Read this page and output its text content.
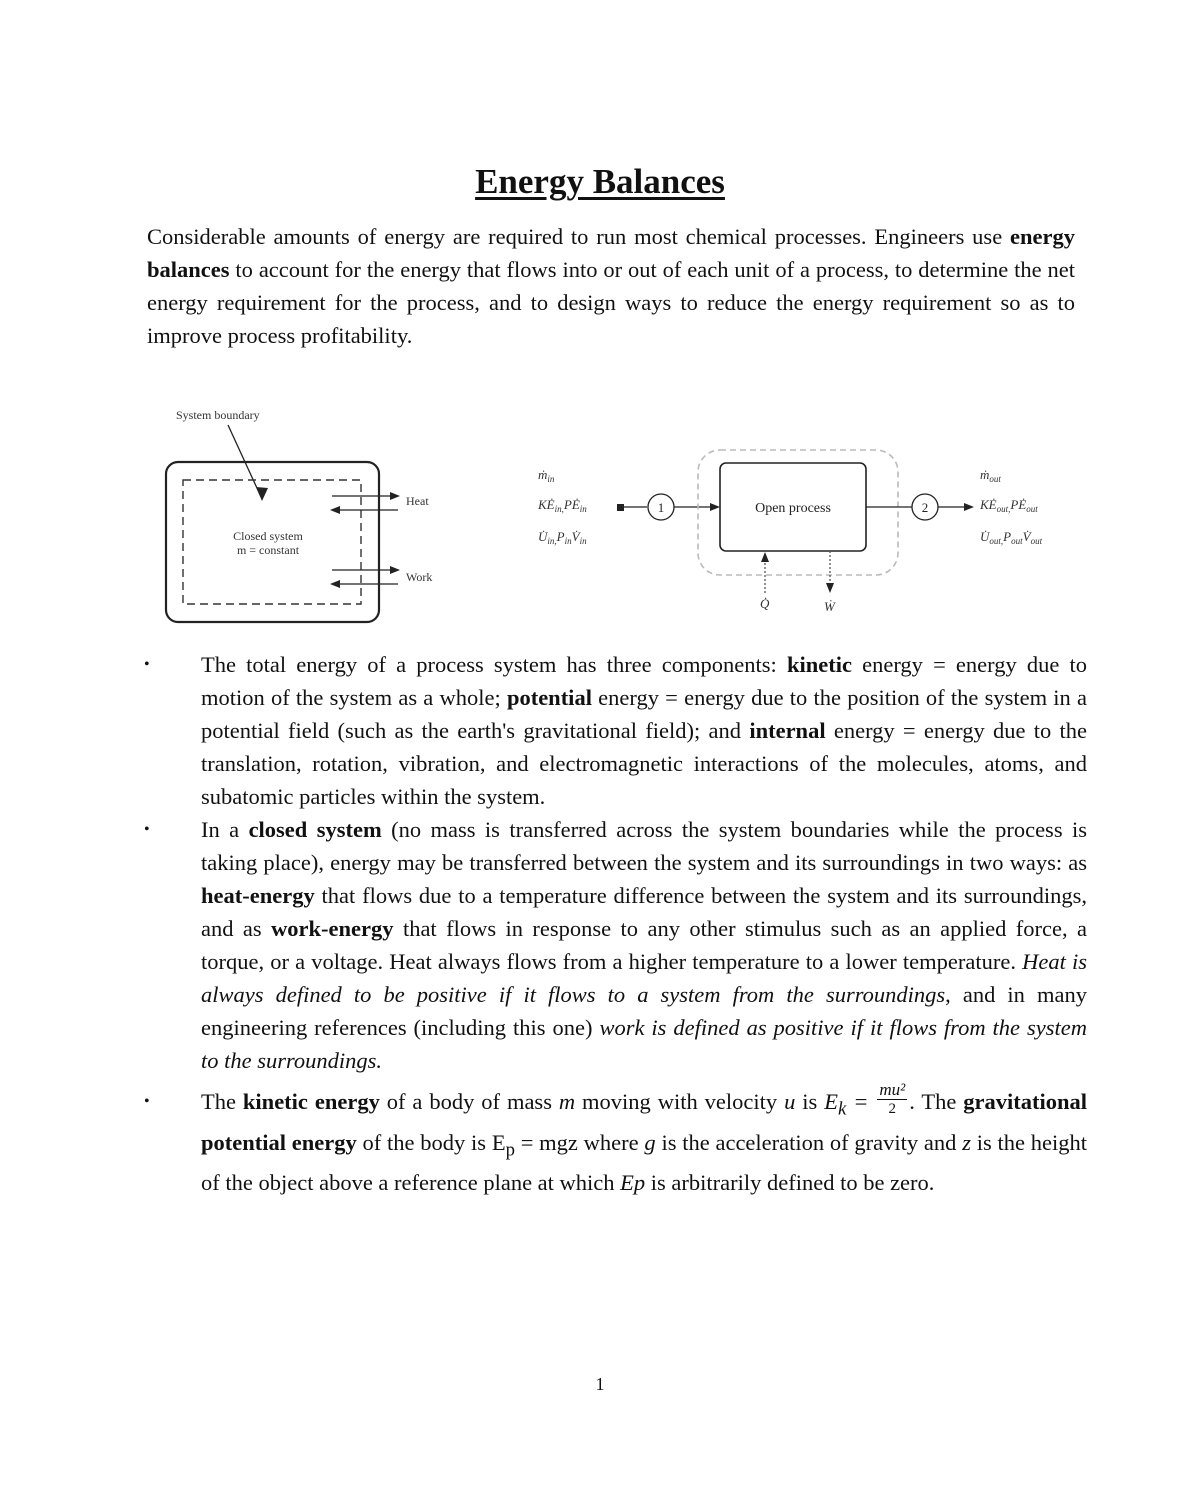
Energy Balances

Considerable amounts of energy are required to run most chemical processes. Engineers use energy balances to account for the energy that flows into or out of each unit of a process, to determine the net energy requirement for the process, and to design ways to reduce the energy requirement so as to improve process profitability.

System boundary
Closed system
m = constant
Heat
Work
ṁ$_{in}$
$KĖ_{in,}PĖ_{in}$
$U̇_{in,}P_{in}V̇_{in}$
1	Open process	2
ṁ$_{out}$
$KĖ_{out,}PĖ_{out}$
$U̇_{out,}P_{out}V̇_{out}$
Q̇	Ẇ
• The total energy of a process system has three components: kinetic energy = energy due to motion of the system as a whole; potential energy = energy due to the position of the system in a potential field (such as the earth's gravitational field); and internal energy = energy due to the translation, rotation, vibration, and electromagnetic interactions of the molecules, atoms, and subatomic particles within the system.
• In a closed system (no mass is transferred across the system boundaries while the process is taking place), energy may be transferred between the system and its surroundings in two ways: as heat-energy that flows due to a temperature difference between the system and its surroundings, and as work-energy that flows in response to any other stimulus such as an applied force, a torque, or a voltage. Heat always flows from a higher temperature to a lower temperature. Heat is always defined to be positive if it flows to a system from the surroundings, and in many engineering references (including this one) work is defined as positive if it flows from the system to the surroundings.
• The kinetic energy of a body of mass m moving with velocity u is $E_k = \frac{\text{mu²}}{2}$ . The gravitational potential energy of the body is $E_p$ = mgz where g is the acceleration of gravity and z is the height of the object above a reference plane at which Ep is arbitrarily defined to be zero.
1
